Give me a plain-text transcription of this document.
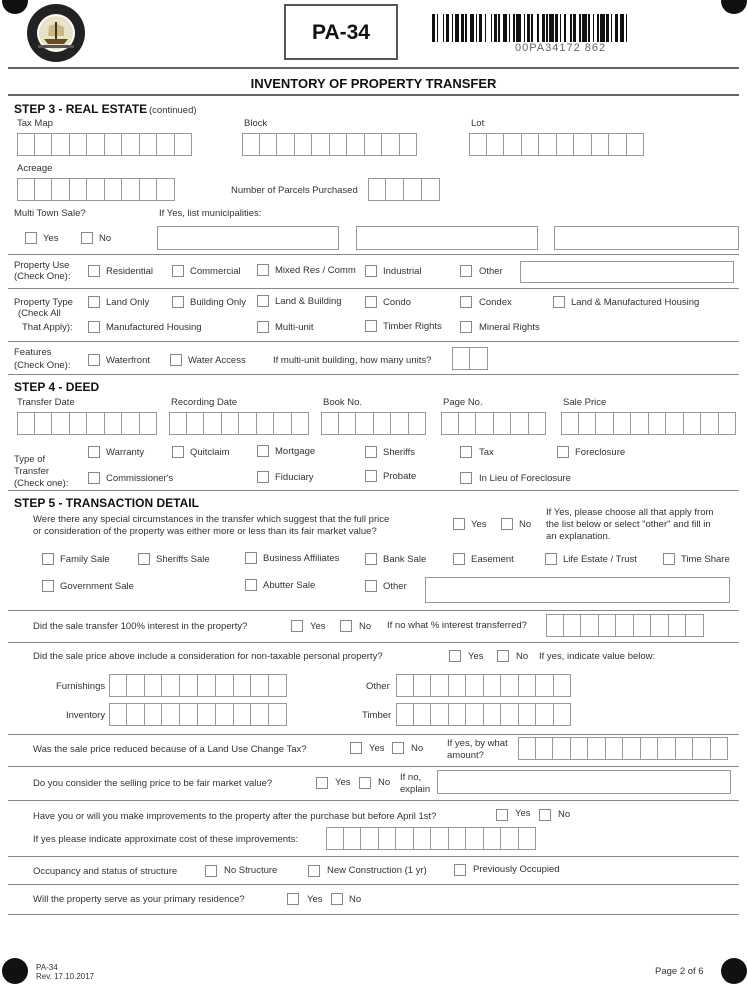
PA-34
00PA34172 862
INVENTORY OF PROPERTY TRANSFER
STEP 3 - REAL ESTATE (continued)
Tax Map	Block	Lot
Acreage
Number of Parcels Purchased
Multi Town Sale?	If Yes, list municipalities:
Yes	No
Property Use
(Check One):	Residential	Commercial	Mixed Res / Comm	Industrial	Other
Property Type
(Check All
That Apply):
Land Only	Building Only	Land & Building	Condo	Condex	Land & Manufactured Housing
Manufactured Housing	Multi-unit	Timber Rights	Mineral Rights
Features
(Check One):	Waterfront	Water Access	If multi-unit building, how many units?
STEP 4 - DEED
Transfer Date	Recording Date	Book No.	Page No.	Sale Price
Type of
Transfer
(Check one):
Warranty	Quitclaim	Mortgage	Sheriffs	Tax	Foreclosure
Commissioner's	Fiduciary	Probate	In Lieu of Foreclosure
STEP 5 - TRANSACTION DETAIL
Were there any special circumstances in the transfer which suggest that the full price
or consideration of the property was either more or less than its fair market value?
Yes	No
If Yes, please choose all that apply from
the list below or select "other" and fill in
an explanation.
Family Sale	Sheriffs Sale	Business Affiliates	Bank Sale	Easement	Life Estate / Trust	Time Share
Government Sale	Abutter Sale	Other
Did the sale transfer 100% interest in the property?	Yes	No If no what % interest transferred?
Did the sale price above include a consideration for non-taxable personal property?	Yes	No If yes, indicate value below:
Furnishings	Other
Inventory	Timber
Was the sale price reduced because of a Land Use Change Tax?	Yes	No	If yes, by what
amount?
Do you consider the selling price to be fair market value?	Yes	No If no,
explain
Have you or will you make improvements to the property after the purchase but before April 1st?	Yes	No
If yes please indicate approximate cost of these improvements:
Occupancy and status of structure	No Structure	New Construction (1 yr)	Previously Occupied
Will the property serve as your primary residence?	Yes	No
PA-34
Rev. 17.10.2017	Page 2 of 6
